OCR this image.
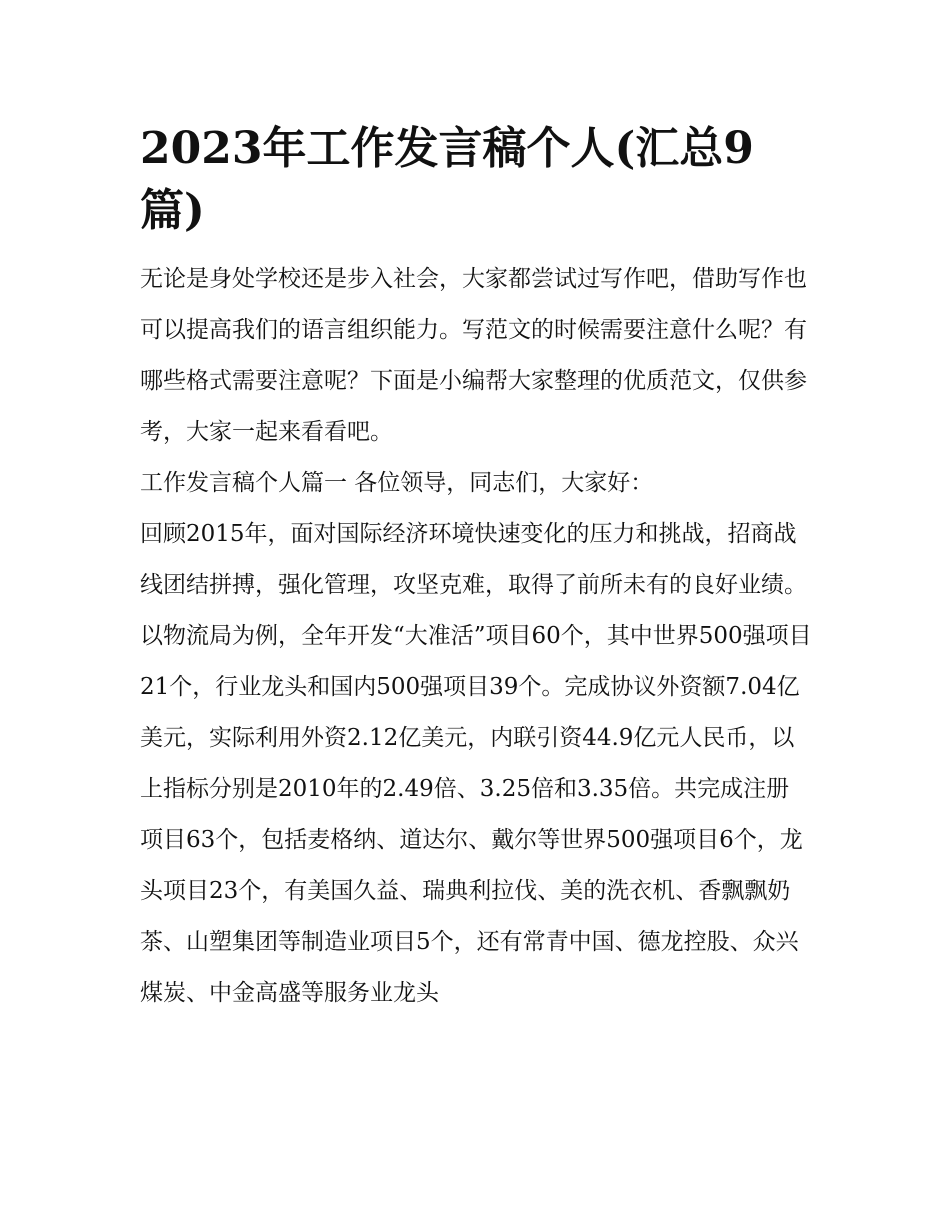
2023年工作发言稿个人(汇总9篇)

无论是身处学校还是步入社会，大家都尝试过写作吧，借助写作也可以提高我们的语言组织能力。写范文的时候需要注意什么呢？有哪些格式需要注意呢？下面是小编帮大家整理的优质范文，仅供参考，大家一起来看看吧。

工作发言稿个人篇一 各位领导，同志们，大家好：

回顾2015年，面对国际经济环境快速变化的压力和挑战，招商战线团结拼搏，强化管理，攻坚克难，取得了前所未有的良好业绩。

以物流局为例，全年开发“大准活”项目60个，其中世界500强项目21个，行业龙头和国内500强项目39个。完成协议外资额7.04亿美元，实际利用外资2.12亿美元，内联引资44.9亿元人民币，以上指标分别是2010年的2.49倍、3.25倍和3.35倍。共完成注册项目63个，包括麦格纳、道达尔、戴尔等世界500强项目6个，龙头项目23个，有美国久益、瑞典利拉伐、美的洗衣机、香飘飘奶茶、山塑集团等制造业项目5个，还有常青中国、德龙控股、众兴煤炭、中金高盛等服务业龙头
